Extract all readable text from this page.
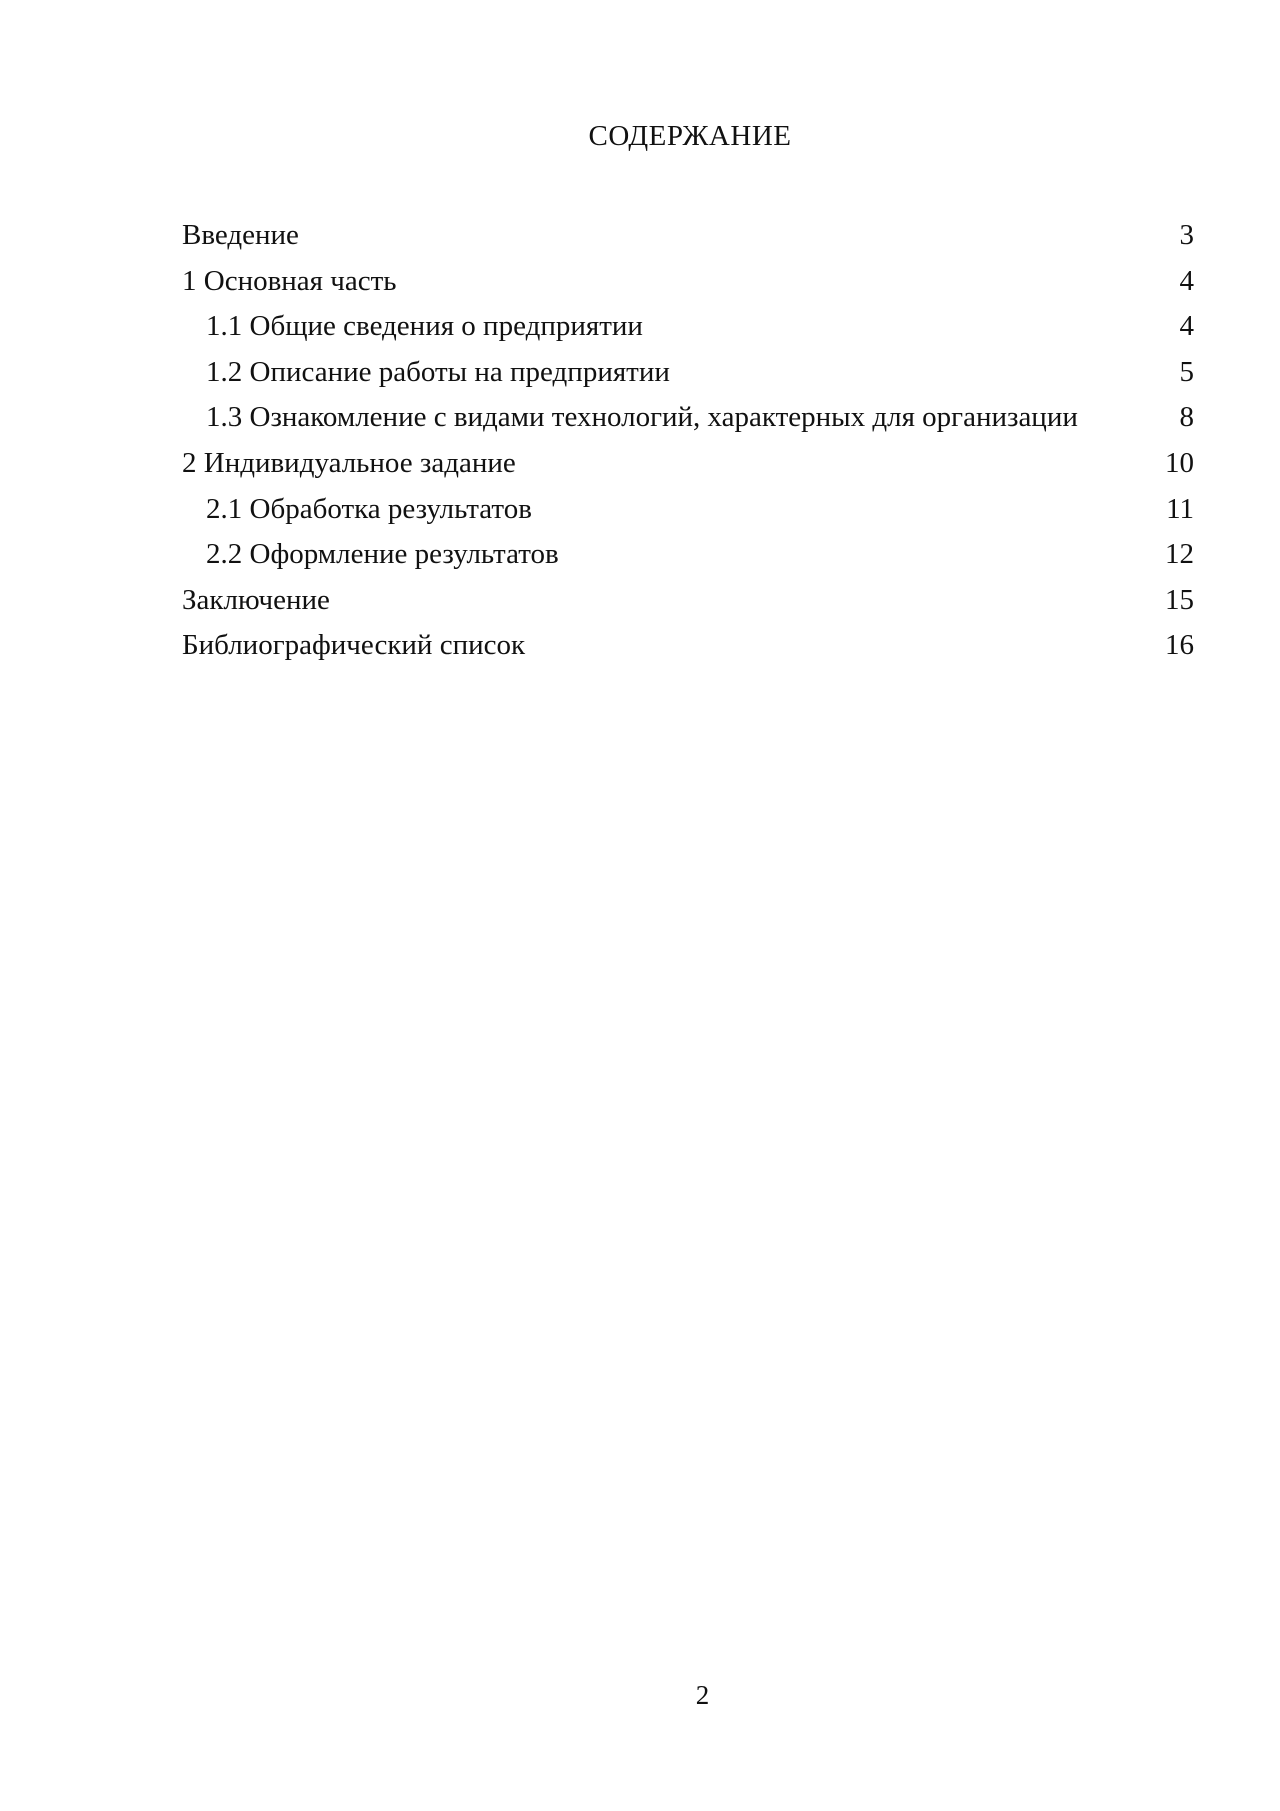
СОДЕРЖАНИЕ
Введение	3
1 Основная часть	4
1.1 Общие сведения о предприятии	4
1.2 Описание работы на предприятии	5
1.3 Ознакомление с видами технологий, характерных для организации	8
2 Индивидуальное задание	10
2.1 Обработка результатов	11
2.2 Оформление результатов	12
Заключение	15
Библиографический список	16
2
